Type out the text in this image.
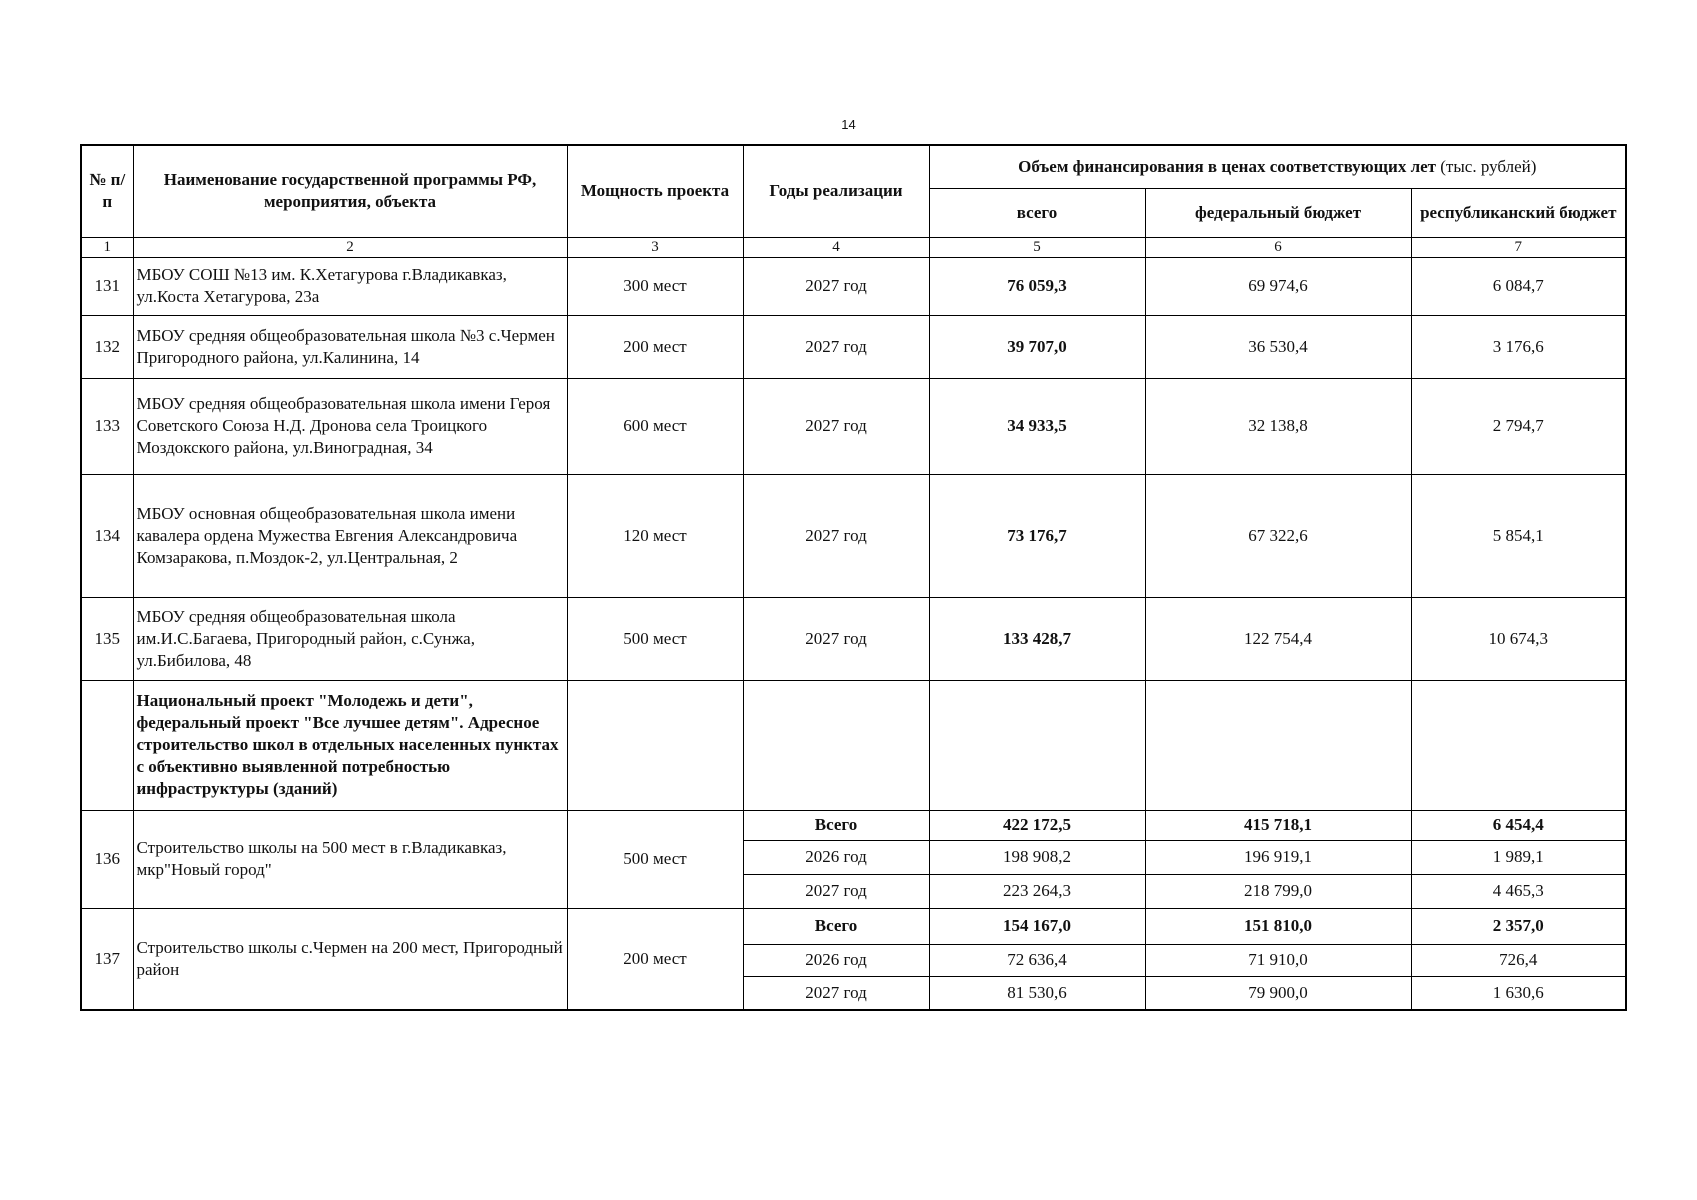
14
№ п/п	Наименование государственной программы РФ, мероприятия, объекта	Мощность проекта	Годы реализации	Объем финансирования в ценах соответствующих лет (тыс. рублей)		
				всего	федеральный бюджет	республиканский бюджет
1	2	3	4	5	6	7
131	МБОУ СОШ №13 им. К.Хетагурова г.Владикавказ, ул.Коста Хетагурова, 23а	300 мест	2027 год	76 059,3	69 974,6	6 084,7
132	МБОУ средняя общеобразовательная школа №3 с.Чермен Пригородного района, ул.Калинина, 14	200 мест	2027 год	39 707,0	36 530,4	3 176,6
133	МБОУ средняя общеобразовательная школа имени Героя Советского Союза Н.Д. Дронова села Троицкого Моздокского района, ул.Виноградная, 34	600 мест	2027 год	34 933,5	32 138,8	2 794,7
134	МБОУ основная общеобразовательная школа имени кавалера ордена Мужества Евгения Александровича Комзаракова, п.Моздок-2, ул.Центральная, 2	120 мест	2027 год	73 176,7	67 322,6	5 854,1
135	МБОУ средняя общеобразовательная школа им.И.С.Багаева, Пригородный район, с.Сунжа, ул.Бибилова, 48	500 мест	2027 год	133 428,7	122 754,4	10 674,3
	Национальный проект "Молодежь и дети", федеральный проект "Все лучшее детям". Адресное строительство школ в отдельных населенных пунктах с объективно выявленной потребностью инфраструктуры (зданий)					
136	Строительство школы на 500 мест в г.Владикавказ, мкр"Новый город"	500 мест	Всего	422 172,5	415 718,1	6 454,4
			2026 год	198 908,2	196 919,1	1 989,1
			2027 год	223 264,3	218 799,0	4 465,3
137	Строительство школы с.Чермен на 200 мест, Пригородный район	200 мест	Всего	154 167,0	151 810,0	2 357,0
			2026 год	72 636,4	71 910,0	726,4
			2027 год	81 530,6	79 900,0	1 630,6
